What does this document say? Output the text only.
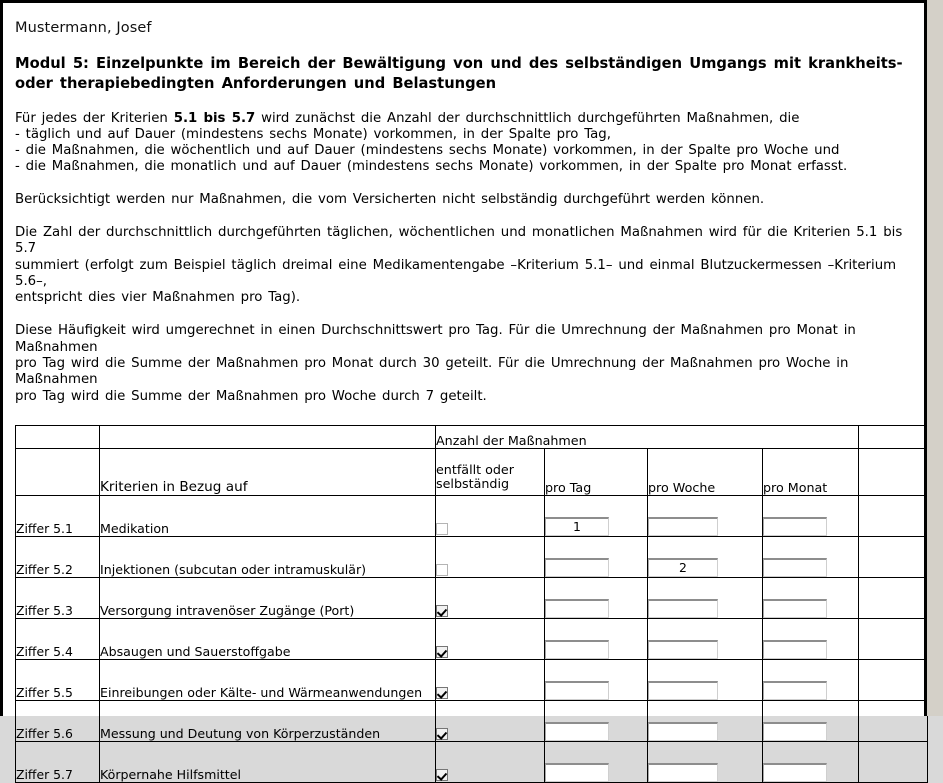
Mustermann, Josef
Modul 5: Einzelpunkte im Bereich der Bewältigung von und des selbständigen Umgangs mit krankheits- oder therapiebedingten Anforderungen und Belastungen
Für jedes der Kriterien 5.1 bis 5.7 wird zunächst die Anzahl der durchschnittlich durchgeführten Maßnahmen, die
- täglich und auf Dauer (mindestens sechs Monate) vorkommen, in der Spalte pro Tag,
- die Maßnahmen, die wöchentlich und auf Dauer (mindestens sechs Monate) vorkommen, in der Spalte pro Woche und
- die Maßnahmen, die monatlich und auf Dauer (mindestens sechs Monate) vorkommen, in der Spalte pro Monat erfasst.
Berücksichtigt werden nur Maßnahmen, die vom Versicherten nicht selbständig durchgeführt werden können.
Die Zahl der durchschnittlich durchgeführten täglichen, wöchentlichen und monatlichen Maßnahmen wird für die Kriterien 5.1 bis 5.7
summiert (erfolgt zum Beispiel täglich dreimal eine Medikamentengabe –Kriterium 5.1– und einmal Blutzuckermessen –Kriterium 5.6–,
entspricht dies vier Maßnahmen pro Tag).
Diese Häufigkeit wird umgerechnet in einen Durchschnittswert pro Tag. Für die Umrechnung der Maßnahmen pro Monat in Maßnahmen
pro Tag wird die Summe der Maßnahmen pro Monat durch 30 geteilt. Für die Umrechnung der Maßnahmen pro Woche in Maßnahmen
pro Tag wird die Summe der Maßnahmen pro Woche durch 7 geteilt.
		Anzahl der Maßnahmen				
	Kriterien in Bezug auf	entfällt oder
selbständig	pro Tag	pro Woche	pro Monat	
Ziffer 5.1	Medikation		1			
Ziffer 5.2	Injektionen (subcutan oder intramuskulär)			2		
Ziffer 5.3	Versorgung intravenöser Zugänge (Port)					
Ziffer 5.4	Absaugen und Sauerstoffgabe					
Ziffer 5.5	Einreibungen oder Kälte- und Wärmeanwendungen					
Ziffer 5.6	Messung und Deutung von Körperzuständen					
Ziffer 5.7	Körpernahe Hilfsmittel					
